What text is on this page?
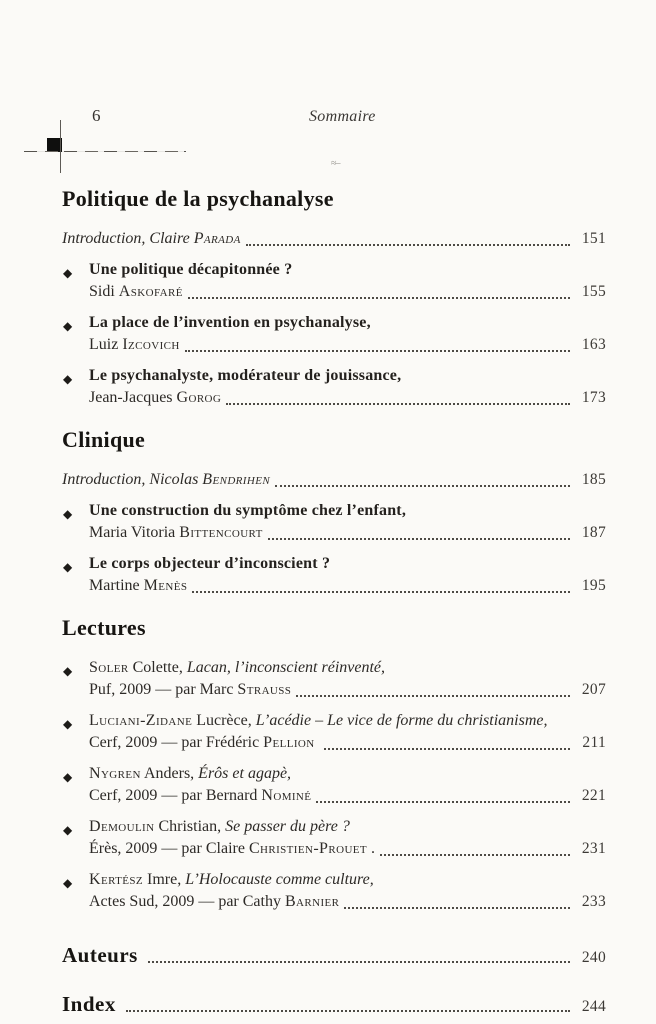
6	Sommaire
≈–
Politique de la psychanalyse
Introduction, Claire Parada	151
◆ Une politique décapitonnée ?
Sidi Askofaré	155
◆ La place de l’invention en psychanalyse,
Luiz Izcovich	163
◆ Le psychanalyste, modérateur de jouissance,
Jean-Jacques Gorog	173
Clinique
Introduction, Nicolas Bendrihen	185
◆ Une construction du symptôme chez l’enfant,
Maria Vitoria Bittencourt	187
◆ Le corps objecteur d’inconscient ?
Martine Menès	195
Lectures
◆ Soler Colette, Lacan, l’inconscient réinventé,
Puf, 2009 — par Marc Strauss	207
◆ Luciani-Zidane Lucrèce, L’acédie – Le vice de forme du christianisme,
Cerf, 2009 — par Frédéric Pellion	211
◆ Nygren Anders, Érôs et agapè,
Cerf, 2009 — par Bernard Nominé	221
◆ Demoulin Christian, Se passer du père ?
Érès, 2009 — par Claire Christien-Prouet .	231
◆ Kertész Imre, L’Holocauste comme culture,
Actes Sud, 2009 — par Cathy Barnier	233
Auteurs	240
Index	244
